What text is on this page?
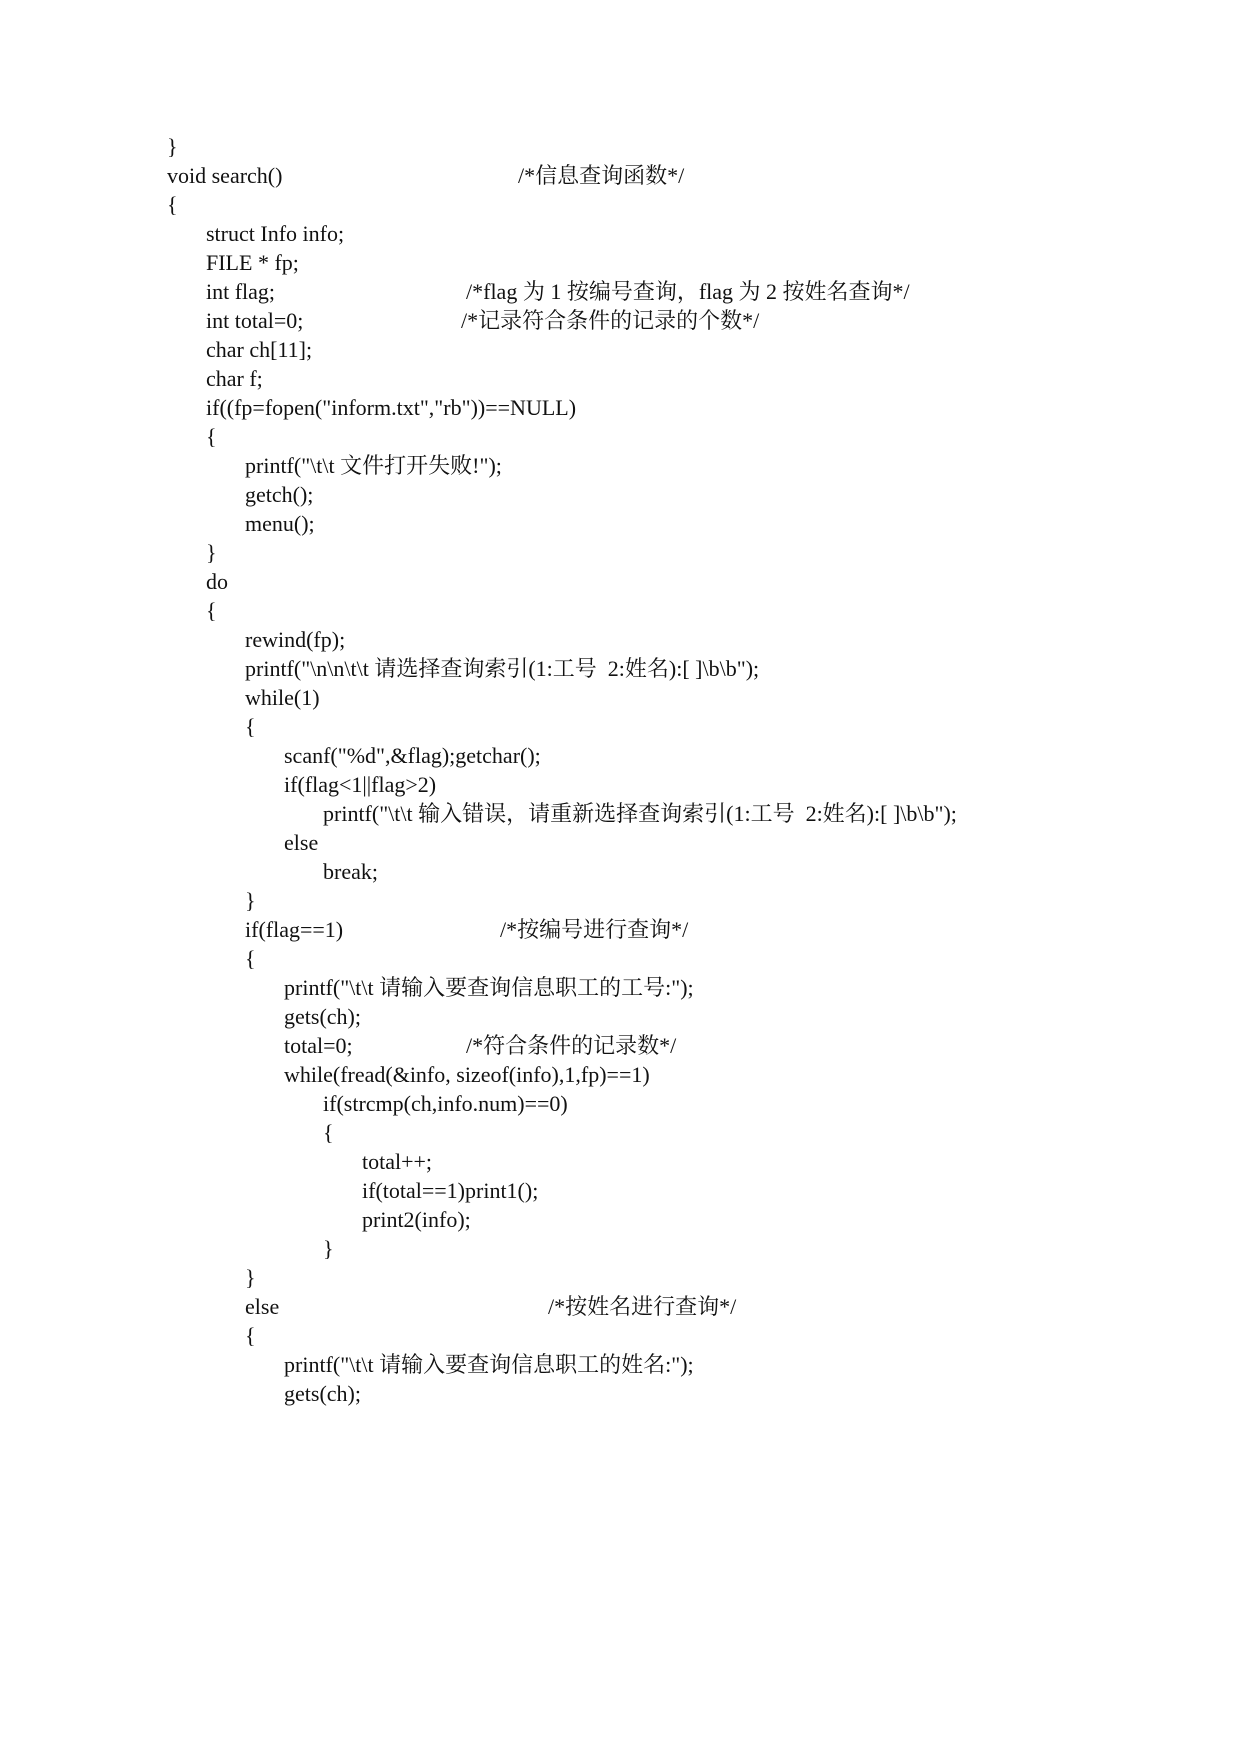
}
void search()	/*信息查询函数*/
{
struct Info info;
FILE * fp;
int flag;	/*flag 为 1 按编号查询，flag 为 2 按姓名查询*/
int total=0;	/*记录符合条件的记录的个数*/
char ch[11];
char f;
if((fp=fopen("inform.txt","rb"))==NULL)
{
printf("\t\t 文件打开失败!");
getch();
menu();
}
do
{
rewind(fp);
printf("\n\n\t\t 请选择查询索引(1:工号  2:姓名):[ ]\b\b");
while(1)
{
scanf("%d",&flag);getchar();
if(flag<1||flag>2)
printf("\t\t 输入错误，请重新选择查询索引(1:工号  2:姓名):[ ]\b\b");
else
break;
}
if(flag==1)	/*按编号进行查询*/
{
printf("\t\t 请输入要查询信息职工的工号:");
gets(ch);
total=0;	/*符合条件的记录数*/
while(fread(&info, sizeof(info),1,fp)==1)
if(strcmp(ch,info.num)==0)
{
total++;
if(total==1)print1();
print2(info);
}
}
else	/*按姓名进行查询*/
{
printf("\t\t 请输入要查询信息职工的姓名:");
gets(ch);
